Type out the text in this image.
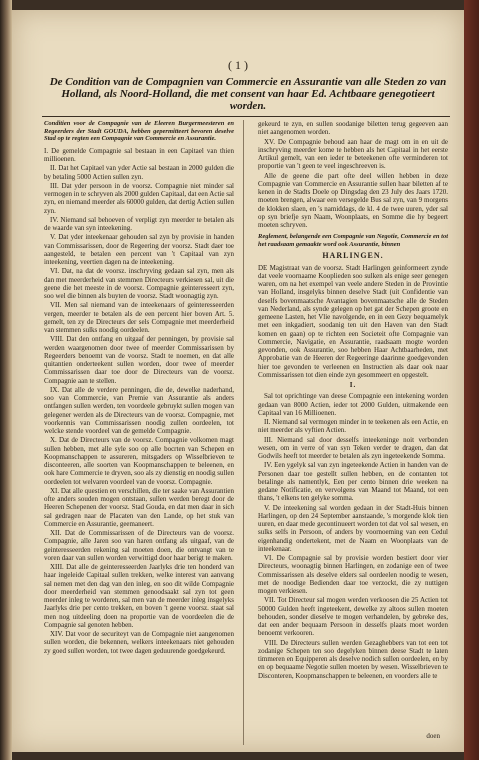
( 1 )
De Condition van de Compagnien van Commercie en Assurantie van alle Steden zo van Holland, als Noord-Holland, die met consent van haar Ed. Achtbaare genegotieert worden.
Conditien voor de Compagnie van de Eleeren Burgermeesteren en Regeerders der Stadt GOUDA, hebben gepermitteert bevoren deselve Stad op te regten een Compagnie van Commercie en Assurantie.
I. De gemelde Compagnie sal bestaan in een Capitael van thien millioenen.
II. Dat het Capitael van yder Actie sal bestaan in 2000 gulden die by betaling 5000 Actien sullen zyn.
III. Dat yder persoon in de voorsz. Compagnie niet minder sal vermogen in te schryven als 2000 gulden Capitaal, dat een Actie sal zyn, en niemand meerder als 60000 gulden, dat dertig Actien sullen zyn.
IV. Niemand sal behoeven of verpligt zyn meerder te betalen als de waarde van syn inteekening.
V. Dat yder inteekenaar gehouden sal zyn by provisie in handen van Commissarissen, door de Regeering der voorsz. Stadt daer toe aangesteld, te betalen een percent van 't Capitaal van zyn inteekening, veertien dagen na de inteekening.
VI. Dat, na dat de voorsz. inschryving gedaan sal zyn, men als dan met meerderheid van stemmen Directeurs verkiesen sal, uit die geene die het meeste in de voorsz. Compagnie geinteresseert zyn, soo wel die binnen als buyten de voorsz. Stadt woonagtig zyn.
VII. Men sal niemand van de inteekenaars of geinteresseerden vergen, meerder te betalen als de een percent hier boven Art. 5. gemelt, ten zy de Directeurs der sels Compagnie met meerderheid van stemmen sulks noodig oordeelen.
VIII. Dat den ontfang en uitgaaf der penningen, by provisie sal werden waargenomen door twee of meerder Commissarissen by Regeerders benoemt van de voorsz. Stadt te noemen, en dat alle quitantien onderteekent sullen worden, door twee of meerder Commissarissen daar toe door de Directeurs van de voorsz. Compagnie aan te stellen.
IX. Dat alle de verdere penningen, die de, dewelke naderhand, soo van Commercie, van Premie van Assurantie als anders ontfangen sullen werden, ten voordeele gebruykt sullen mogen van gelegener werden als de Directeurs van de voorsz. Compagnie, met voorkennis van Commissarissen noodig zullen oordeelen, tot welcke stende voordeel van de gemelde Compagnie.
X. Dat de Directeurs van de voorsz. Compagnie volkomen magt sullen hebben, met alle syle soo op alle bocrten van Schepen en Koopmanschappen te assureren, mitsgaders op Wisselbrieven te disconteeren, alle soorten van Koopmanschappen te beleenen, en ook hare Commercie te dryven, soo als zy dienstig en noodig sullen oordeelen tot welvaren voordeel van de voorsz. Compagnie.
XI. Dat alle questien en verschillen, die ter saake van Assurantien ofte anders souden mogen ontstaan, sullen werden beregt door de Heeren Schepenen der voorsz. Stad Gouda, en dat men daar in sich sal gedragen naar de Placaten van den Lande, op het stuk van Commercie en Assurantie, geemaneert.
XII. Dat de Commissarissen of de Directeurs van de voorsz. Compagnie, alle Jaren soo van haren ontfang als uitgaaf, van de geinteresseerden rekening sal moeten doen, die ontvangt van te voren daar van sullen worden verwittigd door haar berigt te maken.
XIII. Dat alle de geinteresseerden Jaarlyks drie ten honderd van haar ingeleide Capitaal sullen trekken, welke interest van aanvang sal nemen met den dag van den inleg, en soo dit wilde Compagnie door meerderheid van stemmen genoodsaakt sal zyn tot geen meerder inleg te worderen, sal men van de meerder inleg insgelyks Jaarlyks drie per cento trekken, en boven 't geene voorsz. staat sal men nog uitdeeling doen na proportie van de voordeelen die de Compagnie sal genoten hebben.
XIV. Dat voor de securiteyt van de Compagnie niet aangenomen sullen worden, die bekennen, welkers inteekenaars niet gehouden zy goed sullen worden, tot twee dagen geduurende goedgekeurd.
gekeurd te zyn, en sullen soodanige biletten terug gegeeven aan niet aangenomen worden.
XV. De Compagnie behoud aan haar de magt om in en uit de inschryving meerder kome te hebben als het Capitaal in het eerste Artikul gemelt, van een ieder te beteekenen ofte verminderen tot proportie van 't geen te veel ingeschreeven is.
Alle de geene die part ofte deel willen hebben in deze Compagnie van Commercie en Assurantie sullen haar biletten af te kenen in de Stadts Doele op Dingsdag den 23 July des Jaars 1720. moeten brengen, alwaar een versegelde Bus sal zyn, van 9 morgens de klokken slaen, en 's namiddags, de kl. 4 de twee uuren, yder sal op syn briefje syn Naam, Woonplaats, en Somme die hy begeert moeten schryven.
Reglement, belangende een Compagnie van Negotie, Commercie en tot het raadsaam gemaakte word ook Assurantie, binnen
HARLINGEN.
DE Magistraat van de voorsz. Stadt Harlingen geinformeert zynde dat veele voornaame Kooplieden soo sulken als enige seer genegen waren, om na het exempel van veele andere Steden in de Provintie van Holland, insgelyks binnen deselve Stadt (uit Confidentie van deselfs bovenmaatsche Avantagien bovenmaatsche alle de Steden van Nederland, als synde gelegen op het gat der Schepen groote en gemeene Lasten, het Vlie navolgende, en in een Gezy bequamelyk met een inkgadiert, soodanig ten uit den Haven van den Stadt komen en gaan) op te richten een Societeit ofte Compagnie van Commercie, Navigatie, en Assurantie, raadsaam mogte worden gevonden, ook Assurantie, soo hebben Haar Achtbaarheden, met Approbatie van de Heeren der Regeeringe daarinne goedgevonden hier toe gevonden te verleenen en Instructien als daar ook naar Commissarissen tot dien einde zyn gesommeert en opgestelt.
I.
Sal tot oprichtinge van deese Compagnie een intekening worden gedaan van 8000 Actien, ieder tot 2000 Gulden, uitmakende een Capitaal van 16 Millioenen.
II. Niemand sal vermogen minder in te teekenen als een Actie, en niet meerder als vyftien Actien.
III. Niemand sal door desselfs inteekeninge noit verbonden wesen, om in verre of van syn Teken verder te dragen, dan dat Godwils heeft tot meerder te betalen als zyn ingeteekende Somma.
IV. Een ygelyk sal van zyn ingeteekende Actien in handen van de Personen daar toe gestellt sullen hebben, en de contanten tot betalinge als namentlyk, Een per cento binnen drie weeken na gedane Notificatie, en vervolgens van Maand tot Maand, tot een thans, 't elkens ten gelyke somma.
V. De inteekening sal worden gedaan in der Stadt-Huis binnen Harlingen, op den 24 September aanstaande, 's morgende klok tien uuren, en daar mede gecontinueert worden tot dat vol sal wesen, en sulks selfs in Persoon, of anders by voornoeming van een Cedul eigenhandig ondertekent, met de Naam en Woonplaats van de inteekenaar.
VI. De Compagnie sal by provisie worden bestiert door vier Directeurs, woonagtig binnen Harlingen, en zodanige een of twee Commissarissen als deselve elders sal oordeelen noodig te wesen, met de noodige Bedienden daar toe verzockt, die zy nuttigen mogen verkiesen.
VII. Tot Directeur sal mogen werden verkoosen die 25 Actien tot 50000 Gulden heeft ingeteekent, dewelke zy altoos sullen moeten behouden, sonder dieselve te mogen verhandelen, by gebreke des, dat een ander bequaam Persoon in desselfs plaats moet worden benoemt verkooren.
VIII. De Directeurs sullen werden Gezaghebbers van tot een tot zodanige Schepen ten soo degelyken binnen deese Stadt te laten timmeren en Equipperen als deselve nodich sullen oordeelen, en by en op bequaame Negotie sullen moeten by wesen. Wisselbrieven te Disconteren, Koopmanschappen te beleenen, en voorders alle te
doen
